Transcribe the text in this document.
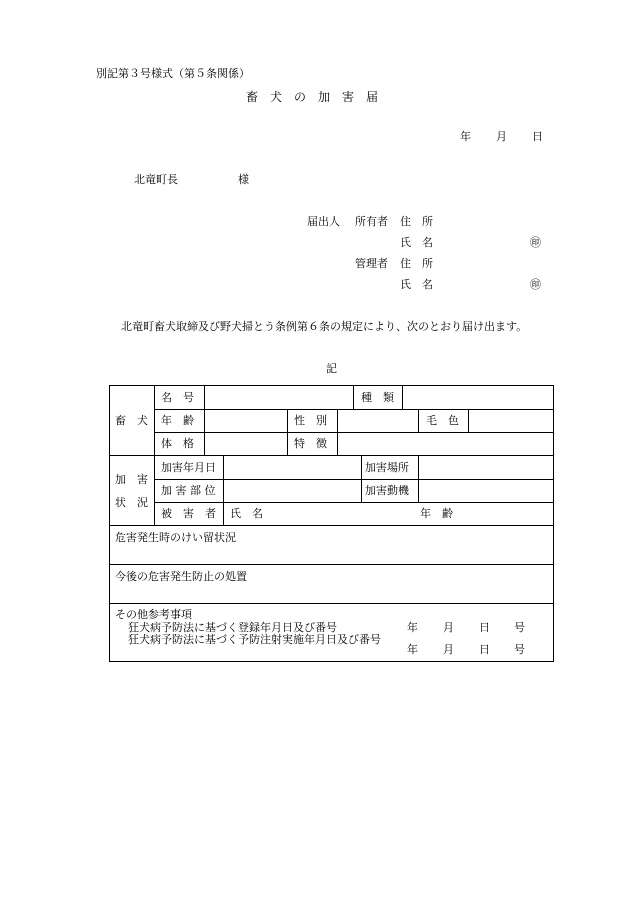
別記第３号様式（第５条関係）
畜　犬　の　加　害　届
年 月 日
北竜町長	様
届出人 所有者 住　所
氏　名	㊞
管理者 住　所
氏　名	㊞
北竜町畜犬取締及び野犬掃とう条例第６条の規定により、次のとおり届け出ます。
記
畜　犬
名　号	種　類
年　齢	性　別	毛　色
体　格	特　徴
加　害
状　況
加害年月日	加害場所
加 害 部 位	加害動機
被　害　者 氏　名	年　齢
危害発生時のけい留状況
今後の危害発生防止の処置
その他参考事項
狂犬病予防法に基づく登録年月日及び番号
狂犬病予防法に基づく予防注射実施年月日及び番号
年 月 日 号
年 月 日 号
